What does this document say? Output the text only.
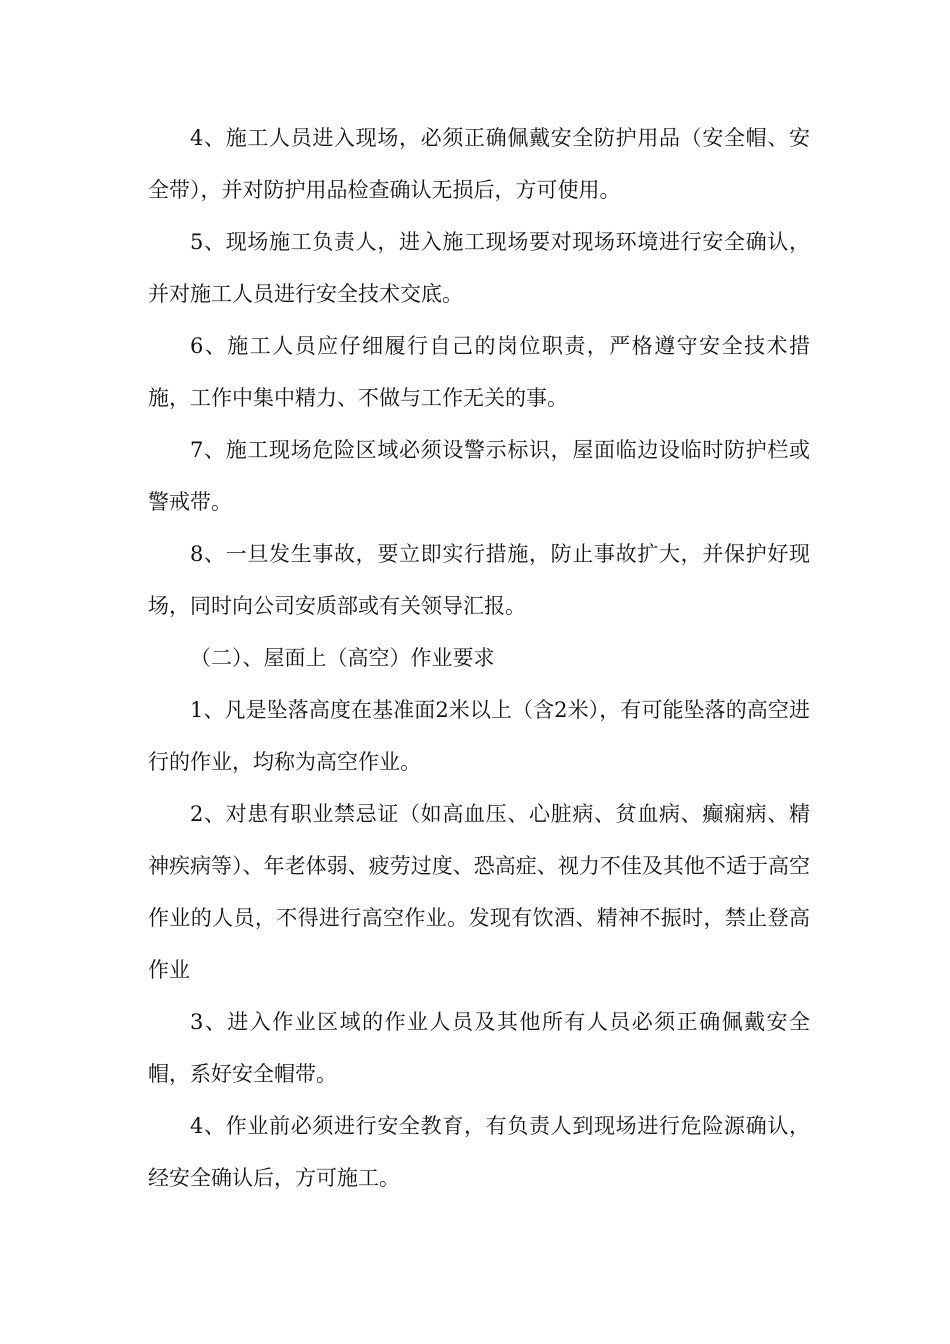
4、施工人员进入现场，必须正确佩戴安全防护用品（安全帽、安全带），并对防护用品检查确认无损后，方可使用。

5、现场施工负责人，进入施工现场要对现场环境进行安全确认，并对施工人员进行安全技术交底。

6、施工人员应仔细履行自己的岗位职责，严格遵守安全技术措施，工作中集中精力、不做与工作无关的事。

7、施工现场危险区域必须设警示标识，屋面临边设临时防护栏或警戒带。

8、一旦发生事故，要立即实行措施，防止事故扩大，并保护好现场，同时向公司安质部或有关领导汇报。

（二）、屋面上（高空）作业要求

1、凡是坠落高度在基准面2米以上（含2米），有可能坠落的高空进行的作业，均称为高空作业。

2、对患有职业禁忌证（如高血压、心脏病、贫血病、癫痫病、精神疾病等）、年老体弱、疲劳过度、恐高症、视力不佳及其他不适于高空作业的人员，不得进行高空作业。发现有饮酒、精神不振时，禁止登高作业

3、进入作业区域的作业人员及其他所有人员必须正确佩戴安全帽，系好安全帽带。

4、作业前必须进行安全教育，有负责人到现场进行危险源确认，经安全确认后，方可施工。
